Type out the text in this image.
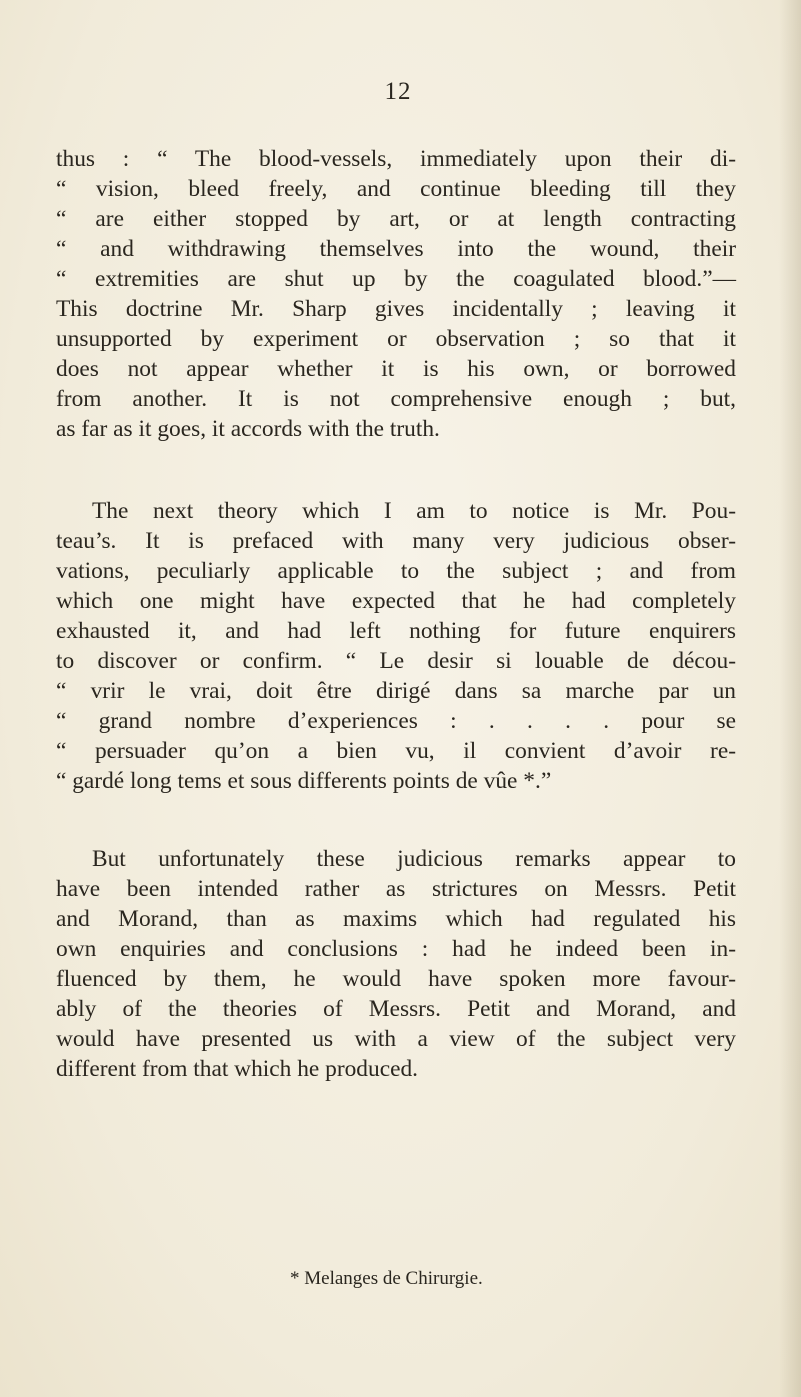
12
thus : “ The blood-vessels, immediately upon their di-
“ vision, bleed freely, and continue bleeding till they
“ are either stopped by art, or at length contracting
“ and withdrawing themselves into the wound, their
“ extremities are shut up by the coagulated blood.”—
This doctrine Mr. Sharp gives incidentally ; leaving it
unsupported by experiment or observation ; so that it
does not appear whether it is his own, or borrowed
from another. It is not comprehensive enough ; but,
as far as it goes, it accords with the truth.
The next theory which I am to notice is Mr. Pou-
teau’s. It is prefaced with many very judicious obser-
vations, peculiarly applicable to the subject ; and from
which one might have expected that he had completely
exhausted it, and had left nothing for future enquirers
to discover or confirm. “ Le desir si louable de décou-
“ vrir le vrai, doit être dirigé dans sa marche par un
“ grand nombre d’experiences : . . . . pour se
“ persuader qu’on a bien vu, il convient d’avoir re-
“ gardé long tems et sous differents points de vûe *.”
But unfortunately these judicious remarks appear to
have been intended rather as strictures on Messrs. Petit
and Morand, than as maxims which had regulated his
own enquiries and conclusions : had he indeed been in-
fluenced by them, he would have spoken more favour-
ably of the theories of Messrs. Petit and Morand, and
would have presented us with a view of the subject very
different from that which he produced.
* Melanges de Chirurgie.
